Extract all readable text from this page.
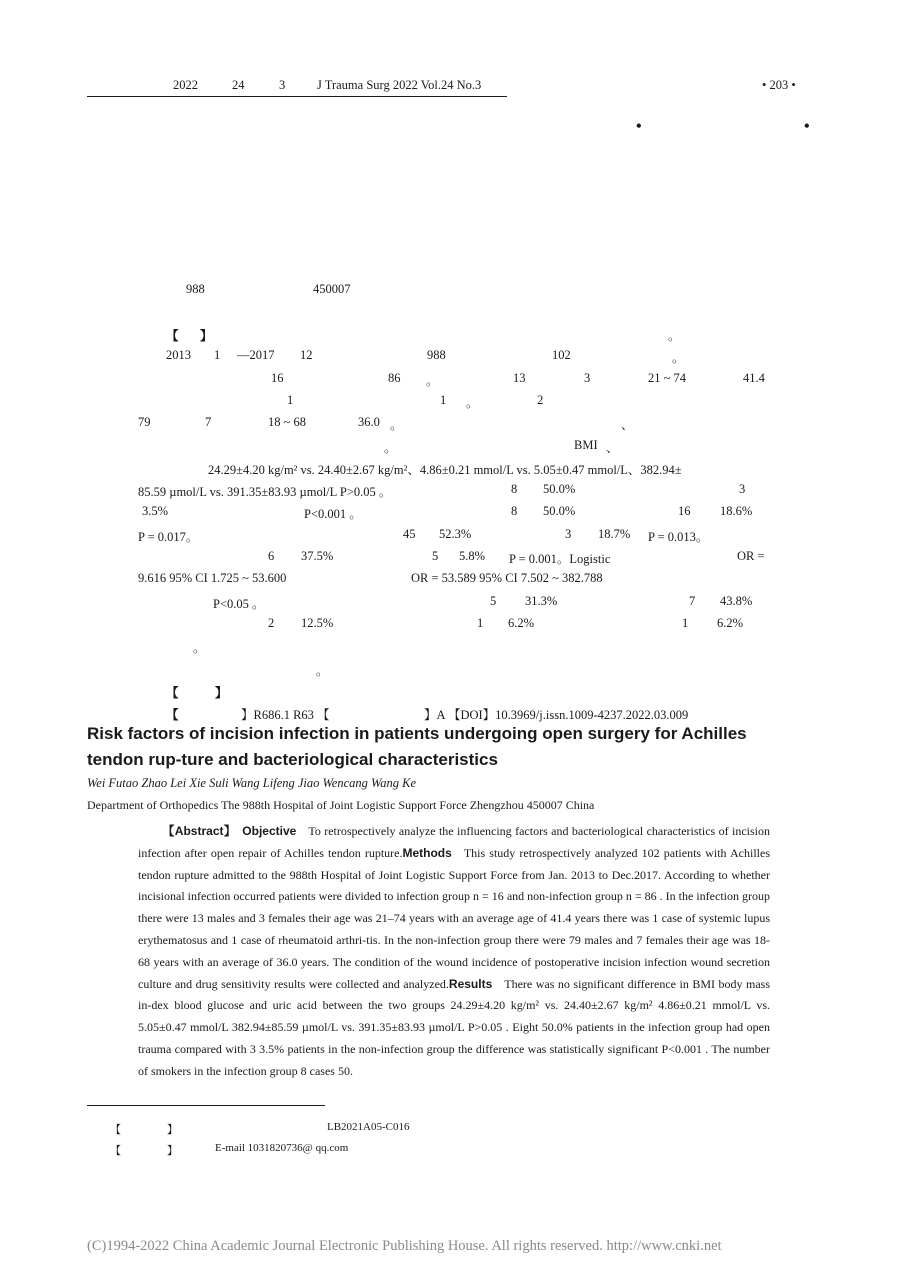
2022	24	3	J Trauma Surg 2022 Vol.24 No.3	• 203 •
•	•
988	450007
【 】	。
2013 1 —2017 12	988	102	。
16	86 。	13	3	21 ~ 74	41.4
1	1 。	2
79	7	18 ~ 68	36.0 。	、
。	BMI 、
24.29±4.20 kg/m² vs. 24.40±2.67 kg/m²、4.86±0.21 mmol/L vs. 5.05±0.47 mmol/L、382.94±
85.59 µmol/L vs. 391.35±83.93 µmol/L P>0.05 。	8 50.0%	3
3.5%	P<0.001 。	8 50.0%	16 18.6%
P = 0.017。	45 52.3%	3 18.7% P = 0.013。
6 37.5%	5 5.8% P = 0.001。Logistic	OR =
9.616 95% CI 1.725 ~ 53.600	OR = 53.589 95% CI 7.502 ~ 382.788
P<0.05 。	5 31.3%	7 43.8%
2 12.5%	1 6.2%	1 6.2%
。
。
【	】
【	】R686.1 R63 【	】A 【DOI】10.3969/j.issn.1009-4237.2022.03.009
Risk factors of incision infection in patients undergoing open surgery for Achilles tendon rup-ture and bacteriological characteristics
Wei Futao Zhao Lei Xie Suli Wang Lifeng Jiao Wencang Wang Ke
Department of Orthopedics The 988th Hospital of Joint Logistic Support Force Zhengzhou 450007 China
  【Abstract】  Objective   To retrospectively analyze the influencing factors and bacteriological characteristics of incision infection after open repair of Achilles tendon rupture.Methods   This study retrospectively analyzed 102 patients with Achilles tendon rupture admitted to the 988th Hospital of Joint Logistic Support Force from Jan. 2013 to Dec.2017. According to whether incisional infection occurred patients were divided to infection group n = 16 and non-infection group n = 86 . In the infection group there were 13 males and 3 females their age was 21–74 years with an average age of 41.4 years there was 1 case of systemic lupus erythematosus and 1 case of rheumatoid arthri-tis. In the non-infection group there were 79 males and 7 females their age was 18-68 years with an average of 36.0 years. The condition of the wound incidence of postoperative incision infection wound secretion culture and drug sensitivity results were collected and analyzed.Results   There was no significant difference in BMI body mass in-dex blood glucose and uric acid between the two groups 24.29±4.20 kg/m² vs. 24.40±2.67 kg/m² 4.86±0.21 mmol/L vs. 5.05±0.47 mmol/L 382.94±85.59 µmol/L vs. 391.35±83.93 µmol/L P>0.05 . Eight 50.0% patients in the infection group had open trauma compared with 3 3.5% patients in the non-infection group the difference was statistically significant P<0.001 . The number of smokers in the infection group 8 cases 50.
【	】	LB2021A05-C016
【	】	E-mail 1031820736@ qq.com
(C)1994-2022 China Academic Journal Electronic Publishing House. All rights reserved. http://www.cnki.net
